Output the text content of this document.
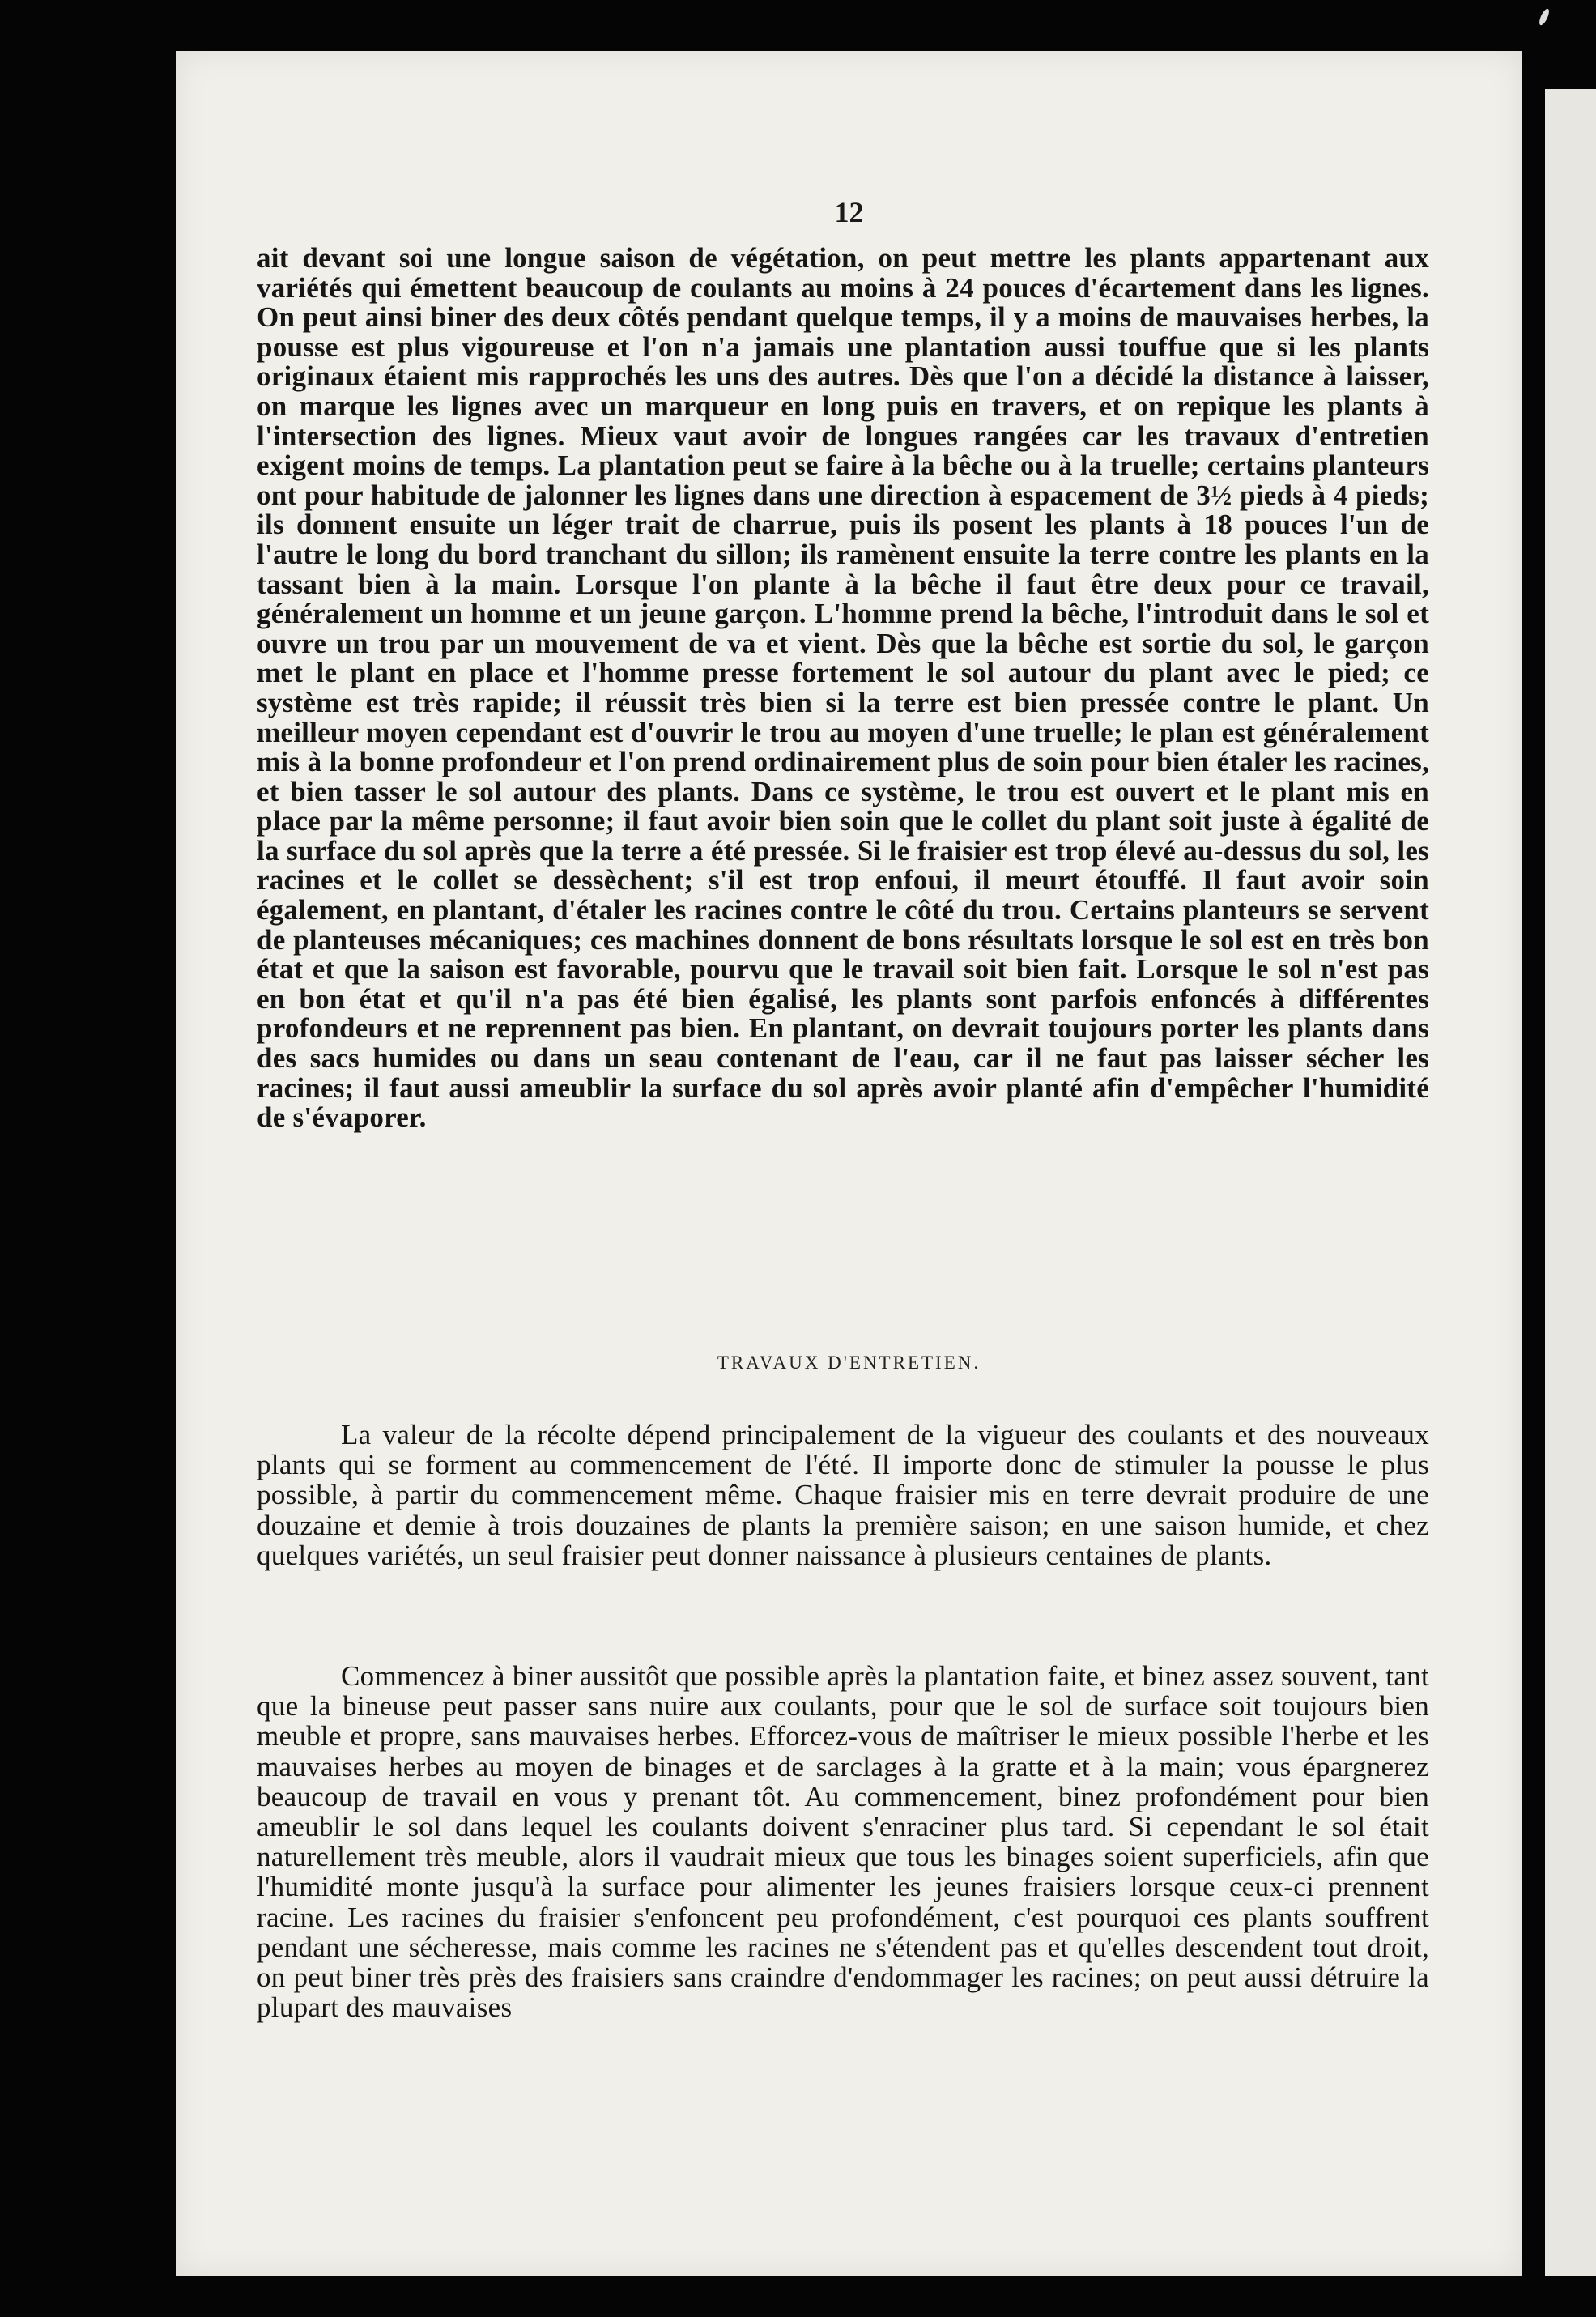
12

ait devant soi une longue saison de végétation, on peut mettre les plants appartenant aux variétés qui émettent beaucoup de coulants au moins à 24 pouces d'écartement dans les lignes. On peut ainsi biner des deux côtés pendant quelque temps, il y a moins de mauvaises herbes, la pousse est plus vigoureuse et l'on n'a jamais une plantation aussi touffue que si les plants originaux étaient mis rapprochés les uns des autres. Dès que l'on a décidé la distance à laisser, on marque les lignes avec un marqueur en long puis en travers, et on repique les plants à l'intersection des lignes. Mieux vaut avoir de longues rangées car les travaux d'entretien exigent moins de temps. La plantation peut se faire à la bêche ou à la truelle; certains planteurs ont pour habitude de jalonner les lignes dans une direction à espacement de 3½ pieds à 4 pieds; ils donnent ensuite un léger trait de charrue, puis ils posent les plants à 18 pouces l'un de l'autre le long du bord tranchant du sillon; ils ramènent ensuite la terre contre les plants en la tassant bien à la main. Lorsque l'on plante à la bêche il faut être deux pour ce travail, généralement un homme et un jeune garçon. L'homme prend la bêche, l'introduit dans le sol et ouvre un trou par un mouvement de va et vient. Dès que la bêche est sortie du sol, le garçon met le plant en place et l'homme presse fortement le sol autour du plant avec le pied; ce système est très rapide; il réussit très bien si la terre est bien pressée contre le plant. Un meilleur moyen cependant est d'ouvrir le trou au moyen d'une truelle; le plan est généralement mis à la bonne profondeur et l'on prend ordinairement plus de soin pour bien étaler les racines, et bien tasser le sol autour des plants. Dans ce système, le trou est ouvert et le plant mis en place par la même personne; il faut avoir bien soin que le collet du plant soit juste à égalité de la surface du sol après que la terre a été pressée. Si le fraisier est trop élevé au-dessus du sol, les racines et le collet se dessèchent; s'il est trop enfoui, il meurt étouffé. Il faut avoir soin également, en plantant, d'étaler les racines contre le côté du trou. Certains planteurs se servent de planteuses mécaniques; ces machines donnent de bons résultats lorsque le sol est en très bon état et que la saison est favorable, pourvu que le travail soit bien fait. Lorsque le sol n'est pas en bon état et qu'il n'a pas été bien égalisé, les plants sont parfois enfoncés à différentes profondeurs et ne reprennent pas bien. En plantant, on devrait toujours porter les plants dans des sacs humides ou dans un seau contenant de l'eau, car il ne faut pas laisser sécher les racines; il faut aussi ameublir la surface du sol après avoir planté afin d'empêcher l'humidité de s'évaporer.

TRAVAUX D'ENTRETIEN.

La valeur de la récolte dépend principalement de la vigueur des coulants et des nouveaux plants qui se forment au commencement de l'été. Il importe donc de stimuler la pousse le plus possible, à partir du commencement même. Chaque fraisier mis en terre devrait produire de une douzaine et demie à trois douzaines de plants la première saison; en une saison humide, et chez quelques variétés, un seul fraisier peut donner naissance à plusieurs centaines de plants.

Commencez à biner aussitôt que possible après la plantation faite, et binez assez souvent, tant que la bineuse peut passer sans nuire aux coulants, pour que le sol de surface soit toujours bien meuble et propre, sans mauvaises herbes. Efforcez-vous de maîtriser le mieux possible l'herbe et les mauvaises herbes au moyen de binages et de sarclages à la gratte et à la main; vous épargnerez beaucoup de travail en vous y prenant tôt. Au commencement, binez profondément pour bien ameublir le sol dans lequel les coulants doivent s'enraciner plus tard. Si cependant le sol était naturellement très meuble, alors il vaudrait mieux que tous les binages soient superficiels, afin que l'humidité monte jusqu'à la surface pour alimenter les jeunes fraisiers lorsque ceux-ci prennent racine. Les racines du fraisier s'enfoncent peu profondément, c'est pourquoi ces plants souffrent pendant une sécheresse, mais comme les racines ne s'étendent pas et qu'elles descendent tout droit, on peut biner très près des fraisiers sans craindre d'endommager les racines; on peut aussi détruire la plupart des mauvaises
